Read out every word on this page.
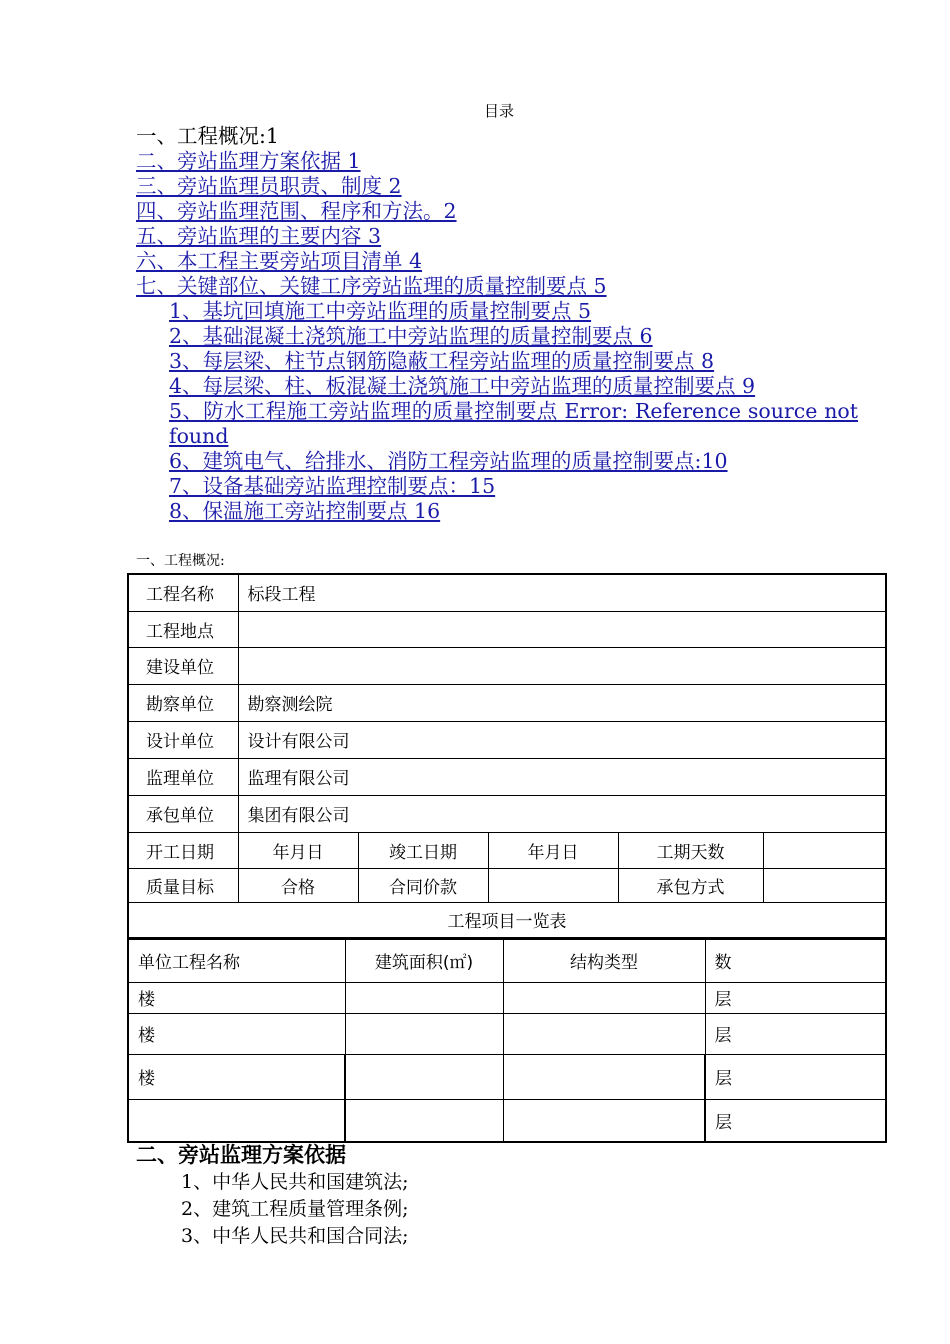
目录
一、工程概况:1
二、旁站监理方案依据 1
三、旁站监理员职责、制度 2
四、旁站监理范围、程序和方法。2
五、旁站监理的主要内容 3
六、本工程主要旁站项目清单 4
七、关键部位、关键工序旁站监理的质量控制要点 5
1、基坑回填施工中旁站监理的质量控制要点 5
2、基础混凝土浇筑施工中旁站监理的质量控制要点 6
3、每层梁、柱节点钢筋隐蔽工程旁站监理的质量控制要点 8
4、每层梁、柱、板混凝土浇筑施工中旁站监理的质量控制要点 9
5、防水工程施工旁站监理的质量控制要点 Error: Reference source not found
6、建筑电气、给排水、消防工程旁站监理的质量控制要点:10
7、设备基础旁站监理控制要点：15
8、保温施工旁站控制要点 16
一、工程概况:
工程名称	标段工程				
工程地点					
建设单位					
勘察单位	勘察测绘院				
设计单位	设计有限公司				
监理单位	监理有限公司				
承包单位	集团有限公司				
开工日期	年月日	竣工日期	年月日	工期天数	
质量目标	合格	合同价款		承包方式	
工程项目一览表					
单位工程名称	建筑面积(㎡)	结构类型	数
楼			层
楼			层
楼			层
			层
二、旁站监理方案依据
1、中华人民共和国建筑法;
2、建筑工程质量管理条例;
3、中华人民共和国合同法;
